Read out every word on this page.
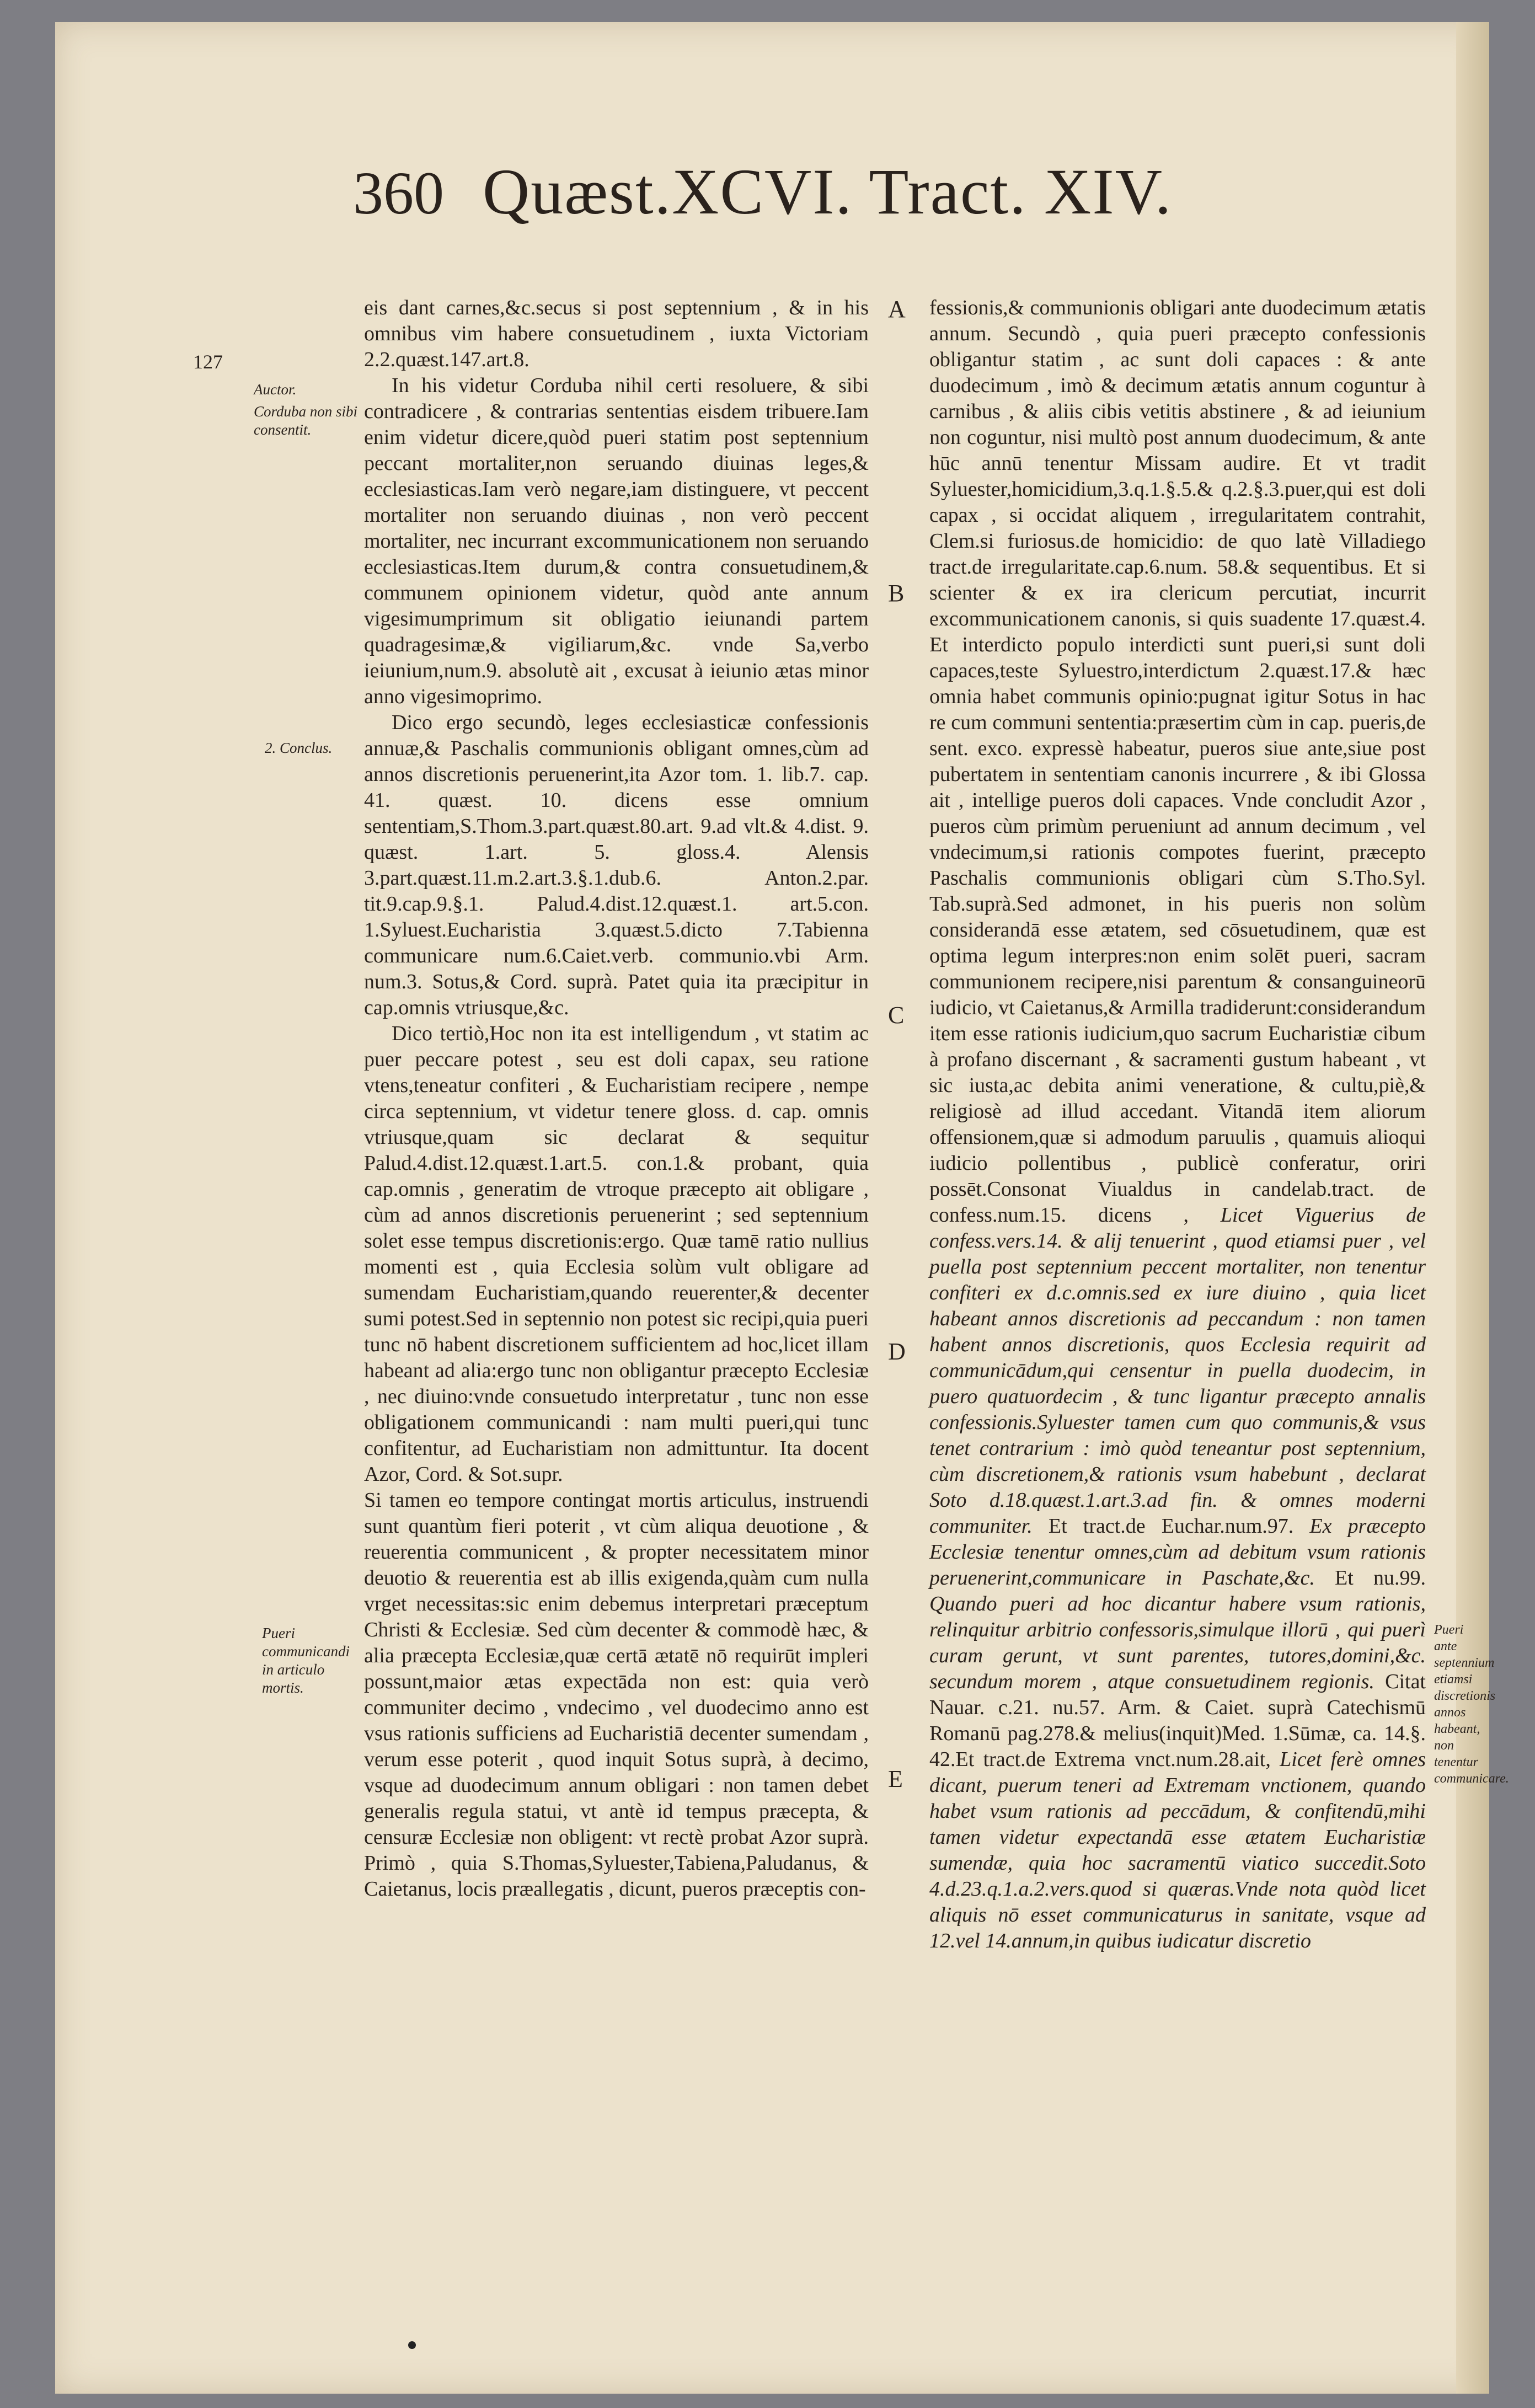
360 Quæst.XCVI. Tract. XIV.
127
Auctor.
Corduba non sibi consentit.
2. Conclus.
Pueri communicandi in articulo mortis.
A
B
C
D
E

eis dant carnes,&c.secus si post septennium , & in his omnibus vim habere consuetudinem , iuxta Victoriam 2.2.quæst.147.art.8.

In his videtur Corduba nihil certi resoluere, & sibi contradicere , & contrarias sententias eisdem tribuere.Iam enim videtur dicere,quòd pueri statim post septennium peccant mortaliter,non seruando diuinas leges,& ecclesiasticas.Iam verò negare,iam distinguere, vt peccent mortaliter non seruando diuinas , non verò peccent mortaliter, nec incurrant excommunicationem non seruando ecclesiasticas.Item durum,& contra consuetudinem,& communem opinionem videtur, quòd ante annum vigesimumprimum sit obligatio ieiunandi partem quadragesimæ,& vigiliarum,&c. vnde Sa,verbo ieiunium,num.9. absolutè ait , excusat à ieiunio ætas minor anno vigesimoprimo.

Dico ergo secundò, leges ecclesiasticæ confessionis annuæ,& Paschalis communionis obligant omnes,cùm ad annos discretionis peruenerint,ita Azor tom. 1. lib.7. cap. 41. quæst. 10. dicens esse omnium sententiam,S.Thom.3.part.quæst.80.art. 9.ad vlt.& 4.dist. 9. quæst. 1.art. 5. gloss.4. Alensis 3.part.quæst.11.m.2.art.3.§.1.dub.6. Anton.2.par. tit.9.cap.9.§.1. Palud.4.dist.12.quæst.1. art.5.con. 1.Syluest.Eucharistia 3.quæst.5.dicto 7.Tabienna communicare num.6.Caiet.verb. communio.vbi Arm. num.3. Sotus,& Cord. suprà. Patet quia ita præcipitur in cap.omnis vtriusque,&c.

Dico tertiò,Hoc non ita est intelligendum , vt statim ac puer peccare potest , seu est doli capax, seu ratione vtens,teneatur confiteri , & Eucharistiam recipere , nempe circa septennium, vt videtur tenere gloss. d. cap. omnis vtriusque,quam sic declarat & sequitur Palud.4.dist.12.quæst.1.art.5. con.1.& probant, quia cap.omnis , generatim de vtroque præcepto ait obligare , cùm ad annos discretionis peruenerint ; sed septennium solet esse tempus discretionis:ergo. Quæ tamē ratio nullius momenti est , quia Ecclesia solùm vult obligare ad sumendam Eucharistiam,quando reuerenter,& decenter sumi potest.Sed in septennio non potest sic recipi,quia pueri tunc nō habent discretionem sufficientem ad hoc,licet illam habeant ad alia:ergo tunc non obligantur præcepto Ecclesiæ , nec diuino:vnde consuetudo interpretatur , tunc non esse obligationem communicandi : nam multi pueri,qui tunc confitentur, ad Eucharistiam non admittuntur. Ita docent Azor, Cord. & Sot.supr.

Si tamen eo tempore contingat mortis articulus, instruendi sunt quantùm fieri poterit , vt cùm aliqua deuotione , & reuerentia communicent , & propter necessitatem minor deuotio & reuerentia est ab illis exigenda,quàm cum nulla vrget necessitas:sic enim debemus interpretari præceptum Christi & Ecclesiæ. Sed cùm decenter & commodè hæc, & alia præcepta Ecclesiæ,quæ certā ætatē nō requirūt impleri possunt,maior ætas expectāda non est: quia verò communiter decimo , vndecimo , vel duodecimo anno est vsus rationis sufficiens ad Eucharistiā decenter sumendam , verum esse poterit , quod inquit Sotus suprà, à decimo, vsque ad duodecimum annum obligari : non tamen debet generalis regula statui, vt antè id tempus præcepta, & censuræ Ecclesiæ non obligent: vt rectè probat Azor suprà. Primò , quia S.Thomas,Syluester,Tabiena,Paludanus, & Caietanus, locis præallegatis , dicunt, pueros præceptis con-

fessionis,& communionis obligari ante duodecimum ætatis annum. Secundò , quia pueri præcepto confessionis obligantur statim , ac sunt doli capaces : & ante duodecimum , imò & decimum ætatis annum coguntur à carnibus , & aliis cibis vetitis abstinere , & ad ieiunium non coguntur, nisi multò post annum duodecimum, & ante hūc annū tenentur Missam audire. Et vt tradit Syluester,homicidium,3.q.1.§.5.& q.2.§.3.puer,qui est doli capax , si occidat aliquem , irregularitatem contrahit, Clem.si furiosus.de homicidio: de quo latè Villadiego tract.de irregularitate.cap.6.num. 58.& sequentibus. Et si scienter & ex ira clericum percutiat, incurrit excommunicationem canonis, si quis suadente 17.quæst.4. Et interdicto populo interdicti sunt pueri,si sunt doli capaces,teste Syluestro,interdictum 2.quæst.17.& hæc omnia habet communis opinio:pugnat igitur Sotus in hac re cum communi sententia:præsertim cùm in cap. pueris,de sent. exco. expressè habeatur, pueros siue ante,siue post pubertatem in sententiam canonis incurrere , & ibi Glossa ait , intellige pueros doli capaces. Vnde concludit Azor , pueros cùm primùm perueniunt ad annum decimum , vel vndecimum,si rationis compotes fuerint, præcepto Paschalis communionis obligari cùm S.Tho.Syl. Tab.suprà.Sed admonet, in his pueris non solùm considerandā esse ætatem, sed cōsuetudinem, quæ est optima legum interpres:non enim solēt pueri, sacram communionem recipere,nisi parentum & consanguineorū iudicio, vt Caietanus,& Armilla tradiderunt:considerandum item esse rationis iudicium,quo sacrum Eucharistiæ cibum à profano discernant , & sacramenti gustum habeant , vt sic iusta,ac debita animi veneratione, & cultu,piè,& religiosè ad illud accedant. Vitandā item aliorum offensionem,quæ si admodum paruulis , quamuis alioqui iudicio pollentibus , publicè conferatur, oriri possēt.Consonat Viualdus in candelab.tract. de confess.num.15. dicens , Licet Viguerius de confess.vers.14. & alij tenuerint , quod etiamsi puer , vel puella post septennium peccent mortaliter, non tenentur confiteri ex d.c.omnis.sed ex iure diuino , quia licet habeant annos discretionis ad peccandum : non tamen habent annos discretionis, quos Ecclesia requirit ad communicādum,qui censentur in puella duodecim, in puero quatuordecim , & tunc ligantur præcepto annalis confessionis.Syluester tamen cum quo communis,& vsus tenet contrarium : imò quòd teneantur post septennium, cùm discretionem,& rationis vsum habebunt , declarat Soto d.18.quæst.1.art.3.ad fin. & omnes moderni communiter. Et tract.de Euchar.num.97. Ex præcepto Ecclesiæ tenentur omnes,cùm ad debitum vsum rationis peruenerint,communicare in Paschate,&c. Et nu.99. Quando pueri ad hoc dicantur habere vsum rationis, relinquitur arbitrio confessoris,simulque illorū , qui puerì curam gerunt, vt sunt parentes, tutores,domini,&c. secundum morem , atque consuetudinem regionis. Citat Nauar. c.21. nu.57. Arm. & Caiet. suprà Catechismū Romanū pag.278.& melius(inquit)Med. 1.Sūmæ, ca. 14.§. 42.Et tract.de Extrema vnct.num.28.ait, Licet ferè omnes dicant, puerum teneri ad Extremam vnctionem, quando habet vsum rationis ad peccādum, & confitendū,mihi tamen videtur expectandā esse ætatem Eucharistiæ sumendæ, quia hoc sacramentū viatico succedit.Soto 4.d.23.q.1.a.2.vers.quod si quæras.Vnde nota quòd licet aliquis nō esset communicaturus in sanitate, vsque ad 12.vel 14.annum,in quibus iudicatur discretio

Pueri ante septennium etiamsi discretionis annos habeant, non tenentur communicare.
